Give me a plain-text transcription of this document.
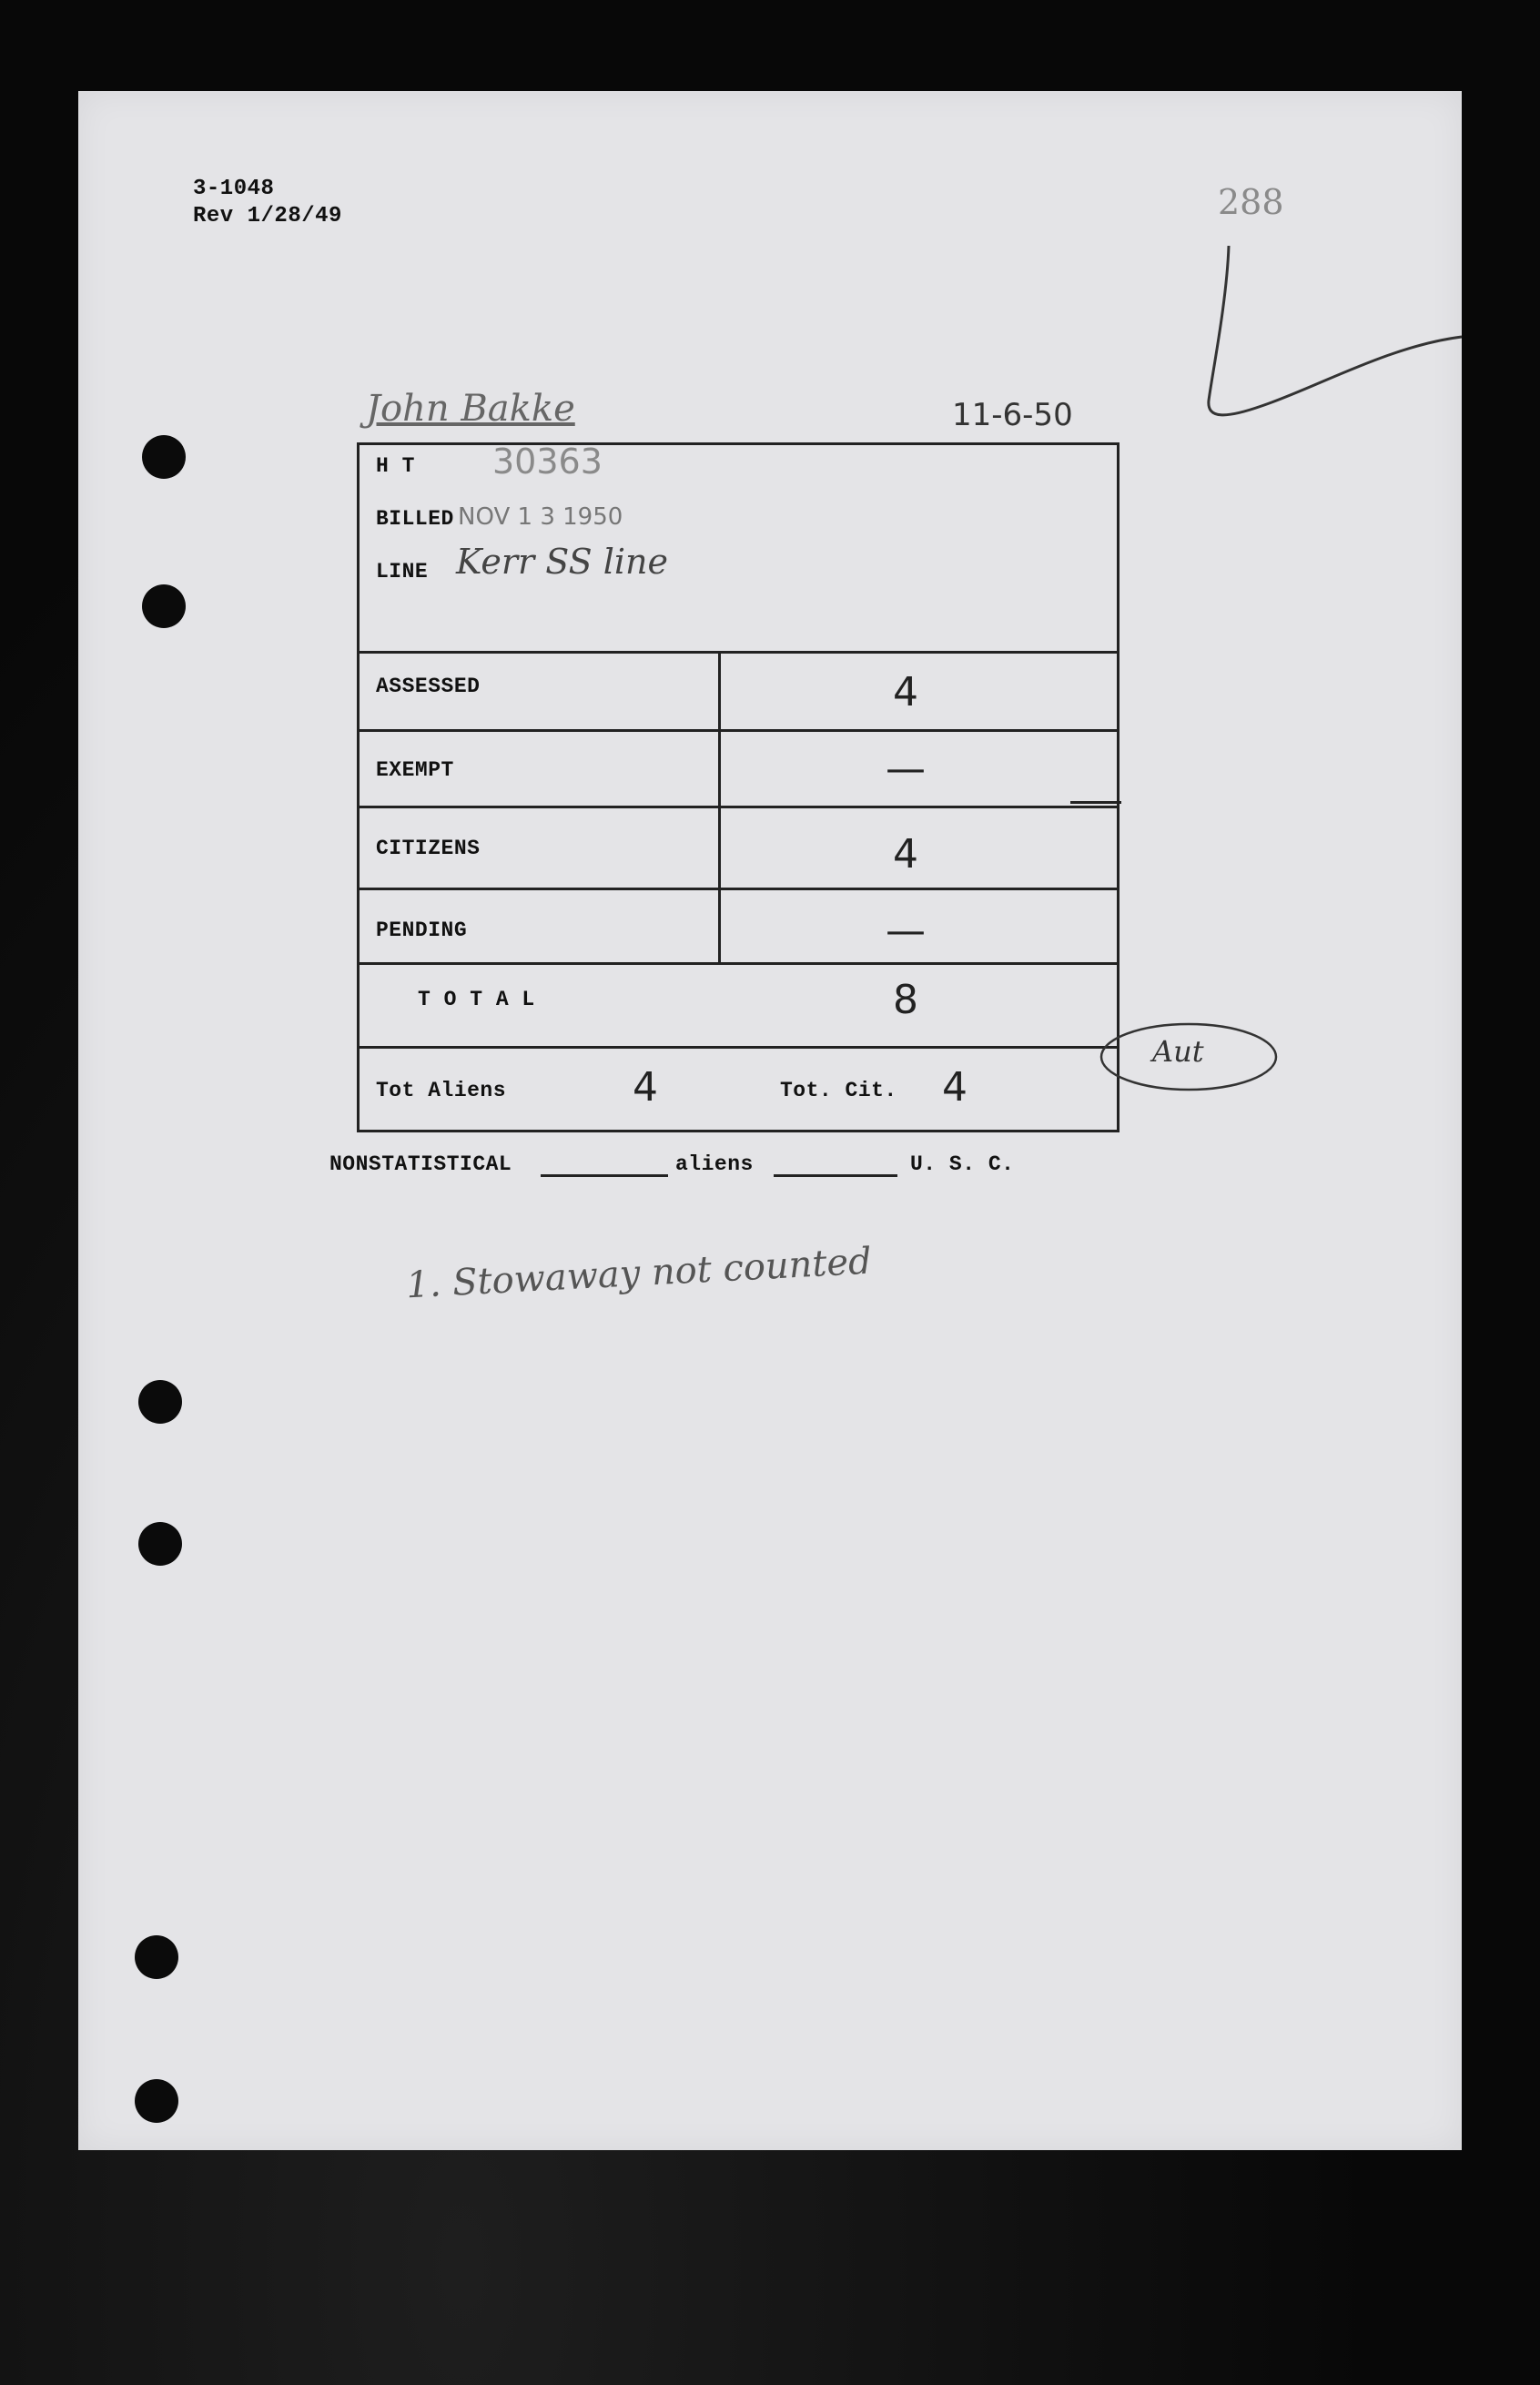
3-1048
Rev 1/28/49	288
John Bakke	11-6-50
H T 30363
BILLED NOV 1 3 1950
LINE Kerr SS line
ASSESSED	4
EXEMPT	—
CITIZENS	4
PENDING	—
T O T A L	8
Tot Aliens	4	Tot. Cit. 4
Aut
NONSTATISTICAL	aliens	U. S. C.
1. Stowaway not counted
